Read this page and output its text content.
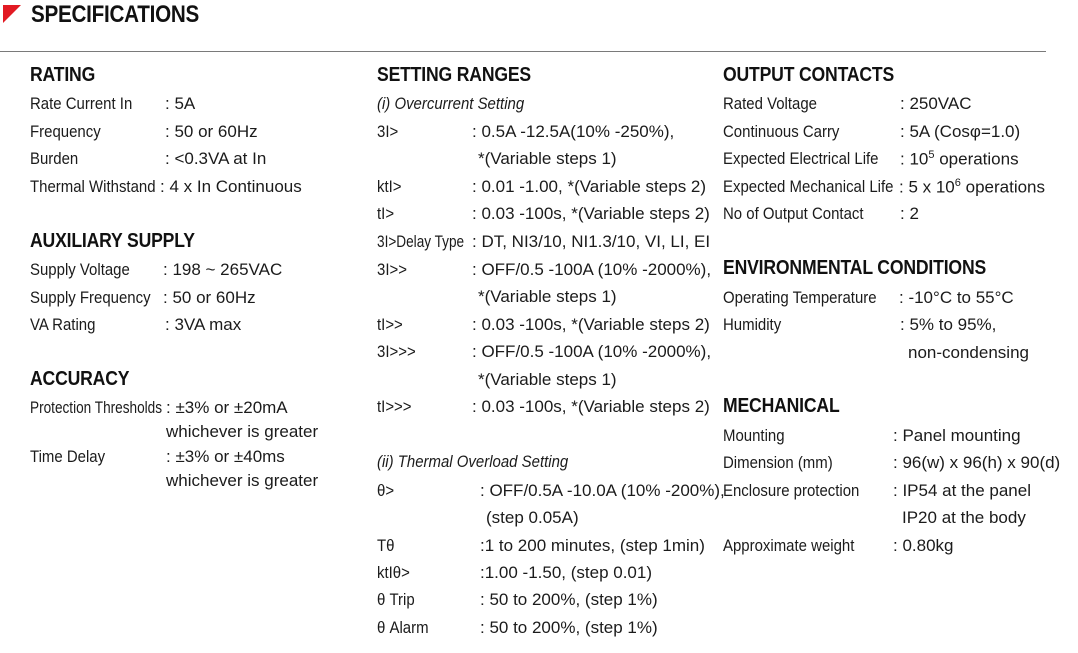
SPECIFICATIONS
RATING
Rate Current In : 5A
Frequency	: 50 or 60Hz
Burden	: <0.3VA at In
Thermal Withstand : 4 x In Continuous
AUXILIARY SUPPLY
Supply Voltage : 198 ~ 265VAC
Supply Frequency : 50 or 60Hz
VA Rating	: 3VA max
ACCURACY
Protection Thresholds : ±3% or ±20mA
whichever is greater
Time Delay	: ±3% or ±40ms
whichever is greater
SETTING RANGES
(i) Overcurrent Setting
3I>	: 0.5A -12.5A(10% -250%),
*(Variable steps 1)
ktI>	: 0.01 -1.00, *(Variable steps 2)
tI>	: 0.03 -100s, *(Variable steps 2)
3I>Delay Type : DT, NI3/10, NI1.3/10, VI, LI, EI
3I>>	: OFF/0.5 -100A (10% -2000%),
*(Variable steps 1)
tI>>	: 0.03 -100s, *(Variable steps 2)
3I>>>	: OFF/0.5 -100A (10% -2000%),
*(Variable steps 1)
tI>>>	: 0.03 -100s, *(Variable steps 2)
(ii) Thermal Overload Setting
θ>	: OFF/0.5A -10.0A (10% -200%),
(step 0.05A)
Tθ	:1 to 200 minutes, (step 1min)
ktIθ>	:1.00 -1.50, (step 0.01)
θ Trip	: 50 to 200%, (step 1%)
θ Alarm	: 50 to 200%, (step 1%)
OUTPUT CONTACTS
Rated Voltage	: 250VAC
Continuous Carry	: 5A (Cosφ=1.0)
Expected Electrical Life : $10^5$ operations
Expected Mechanical Life : 5 x $10^6$ operations
No of Output Contact : 2
ENVIRONMENTAL CONDITIONS
Operating Temperature : -10°C to 55°C
Humidity	: 5% to 95%,
non-condensing
MECHANICAL
Mounting	: Panel mounting
Dimension (mm)	: 96(w) x 96(h) x 90(d)
Enclosure protection : IP54 at the panel
IP20 at the body
Approximate weight : 0.80kg
